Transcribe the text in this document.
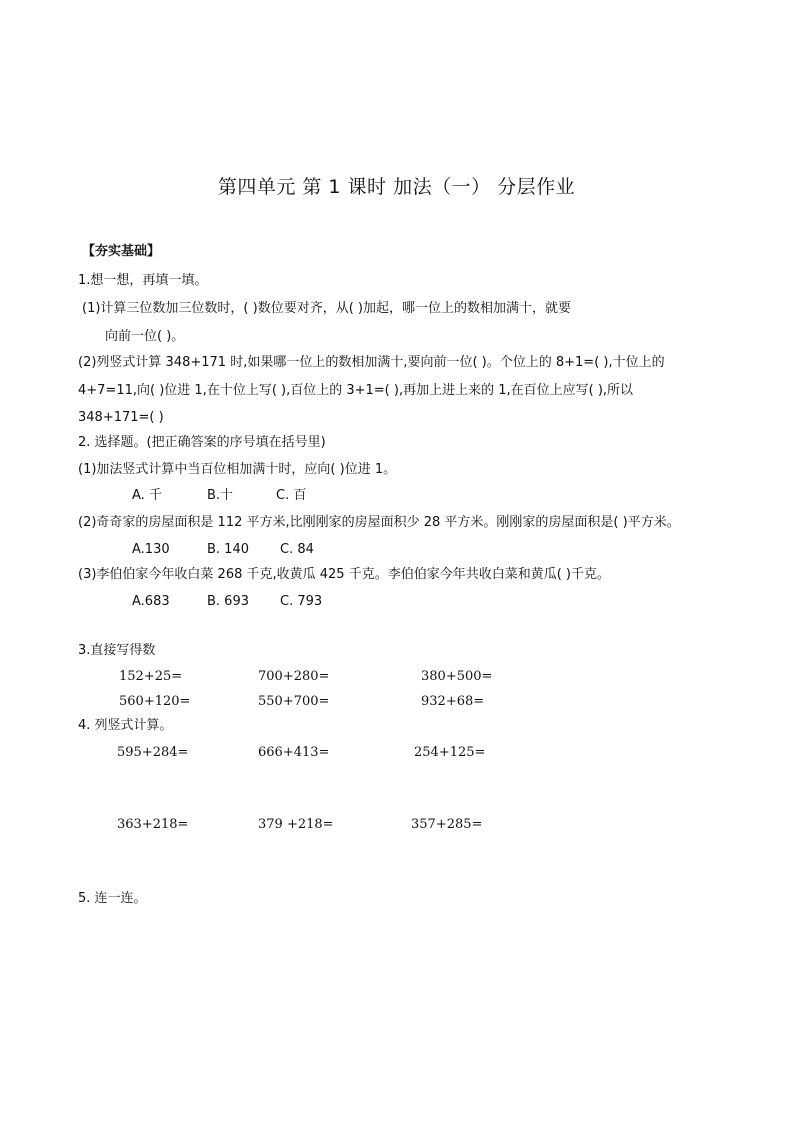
第四单元 第 1 课时 加法（一） 分层作业
【夯实基础】
1.想一想，再填一填。
(1)计算三位数加三位数时，( )数位要对齐，从( )加起，哪一位上的数相加满十，就要
向前一位( )。
(2)列竖式计算 348+171 时,如果哪一位上的数相加满十,要向前一位( )。个位上的 8+1=( ),十位上的
4+7=11,向( )位进 1,在十位上写( ),百位上的 3+1=( ),再加上进上来的 1,在百位上应写( ),所以
348+171=( )
2. 选择题。(把正确答案的序号填在括号里)
(1)加法竖式计算中当百位相加满十时，应向( )位进 1。
A. 千	B.十	C. 百
(2)奇奇家的房屋面积是 112 平方米,比刚刚家的房屋面积少 28 平方米。刚刚家的房屋面积是( )平方米。
A.130	B. 140 C. 84
(3)李伯伯家今年收白菜 268 千克,收黄瓜 425 千克。李伯伯家今年共收白菜和黄瓜( )千克。
A.683	B. 693 C. 793
3.直接写得数
152+25=	700+280=	380+500=
560+120=	550+700=	932+68=
4. 列竖式计算。
595+284=	666+413=	254+125=
363+218=	379 +218=	357+285=
5. 连一连。
